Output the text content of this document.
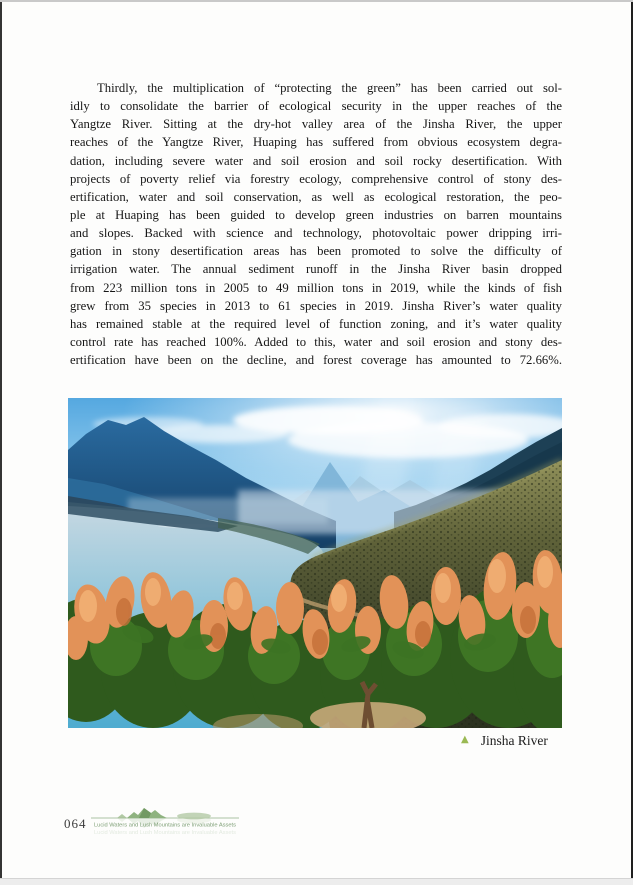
Thirdly, the multiplication of “protecting the green” has been carried out sol-
idly to consolidate the barrier of ecological security in the upper reaches of the
Yangtze River. Sitting at the dry-hot valley area of the Jinsha River, the upper
reaches of the Yangtze River, Huaping has suffered from obvious ecosystem degra-
dation, including severe water and soil erosion and soil rocky desertification. With
projects of poverty relief via forestry ecology, comprehensive control of stony des-
ertification, water and soil conservation, as well as ecological restoration, the peo-
ple at Huaping has been guided to develop green industries on barren mountains
and slopes. Backed with science and technology, photovoltaic power dripping irri-
gation in stony desertification areas has been promoted to solve the difficulty of
irrigation water. The annual sediment runoff in the Jinsha River basin dropped
from 223 million tons in 2005 to 49 million tons in 2019, while the kinds of fish
grew from 35 species in 2013 to 61 species in 2019. Jinsha River’s water quality
has remained stable at the required level of function zoning, and it’s water quality
control rate has reached 100%. Added to this, water and soil erosion and stony des-
ertification have been on the decline, and forest coverage has amounted to 72.66%.
▲ Jinsha River
064 Lucid Waters and Lush Mountains are Invaluable Assets
Lucid Waters and Lush Mountains are Invaluable Assets
